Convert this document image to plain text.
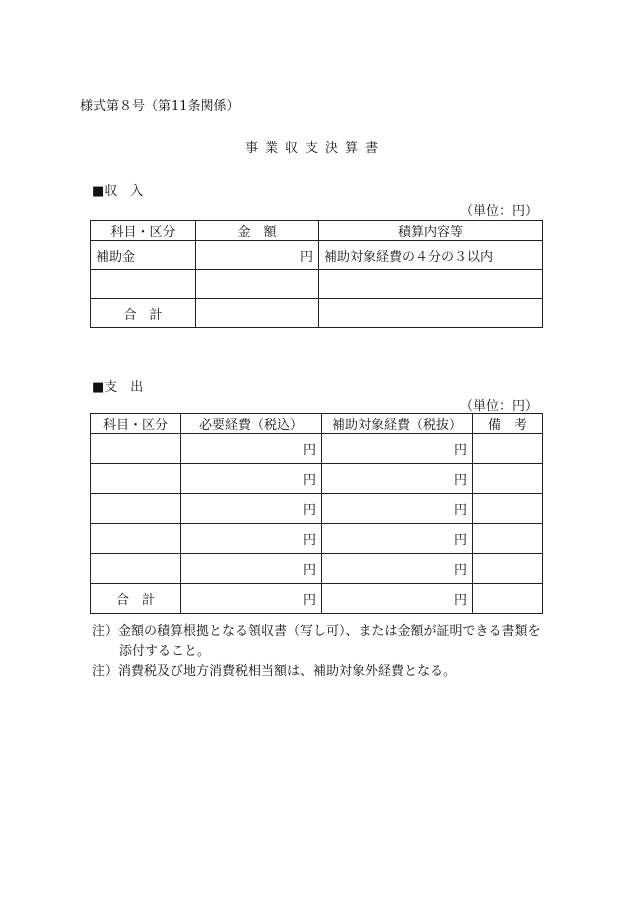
様式第８号（第11条関係）
事業収支決算書
■収　入
（単位：円）
科目・区分	金　額	積算内容等
補助金	円	補助対象経費の４分の３以内

合　計		
■支　出
（単位：円）
科目・区分	必要経費（税込）	補助対象経費（税抜）	備　考
	円	円	
	円	円	
	円	円	
	円	円	
	円	円	
合　計	円	円	
注）金額の積算根拠となる領収書（写し可）、または金額が証明できる書類を
添付すること。
注）消費税及び地方消費税相当額は、補助対象外経費となる。
